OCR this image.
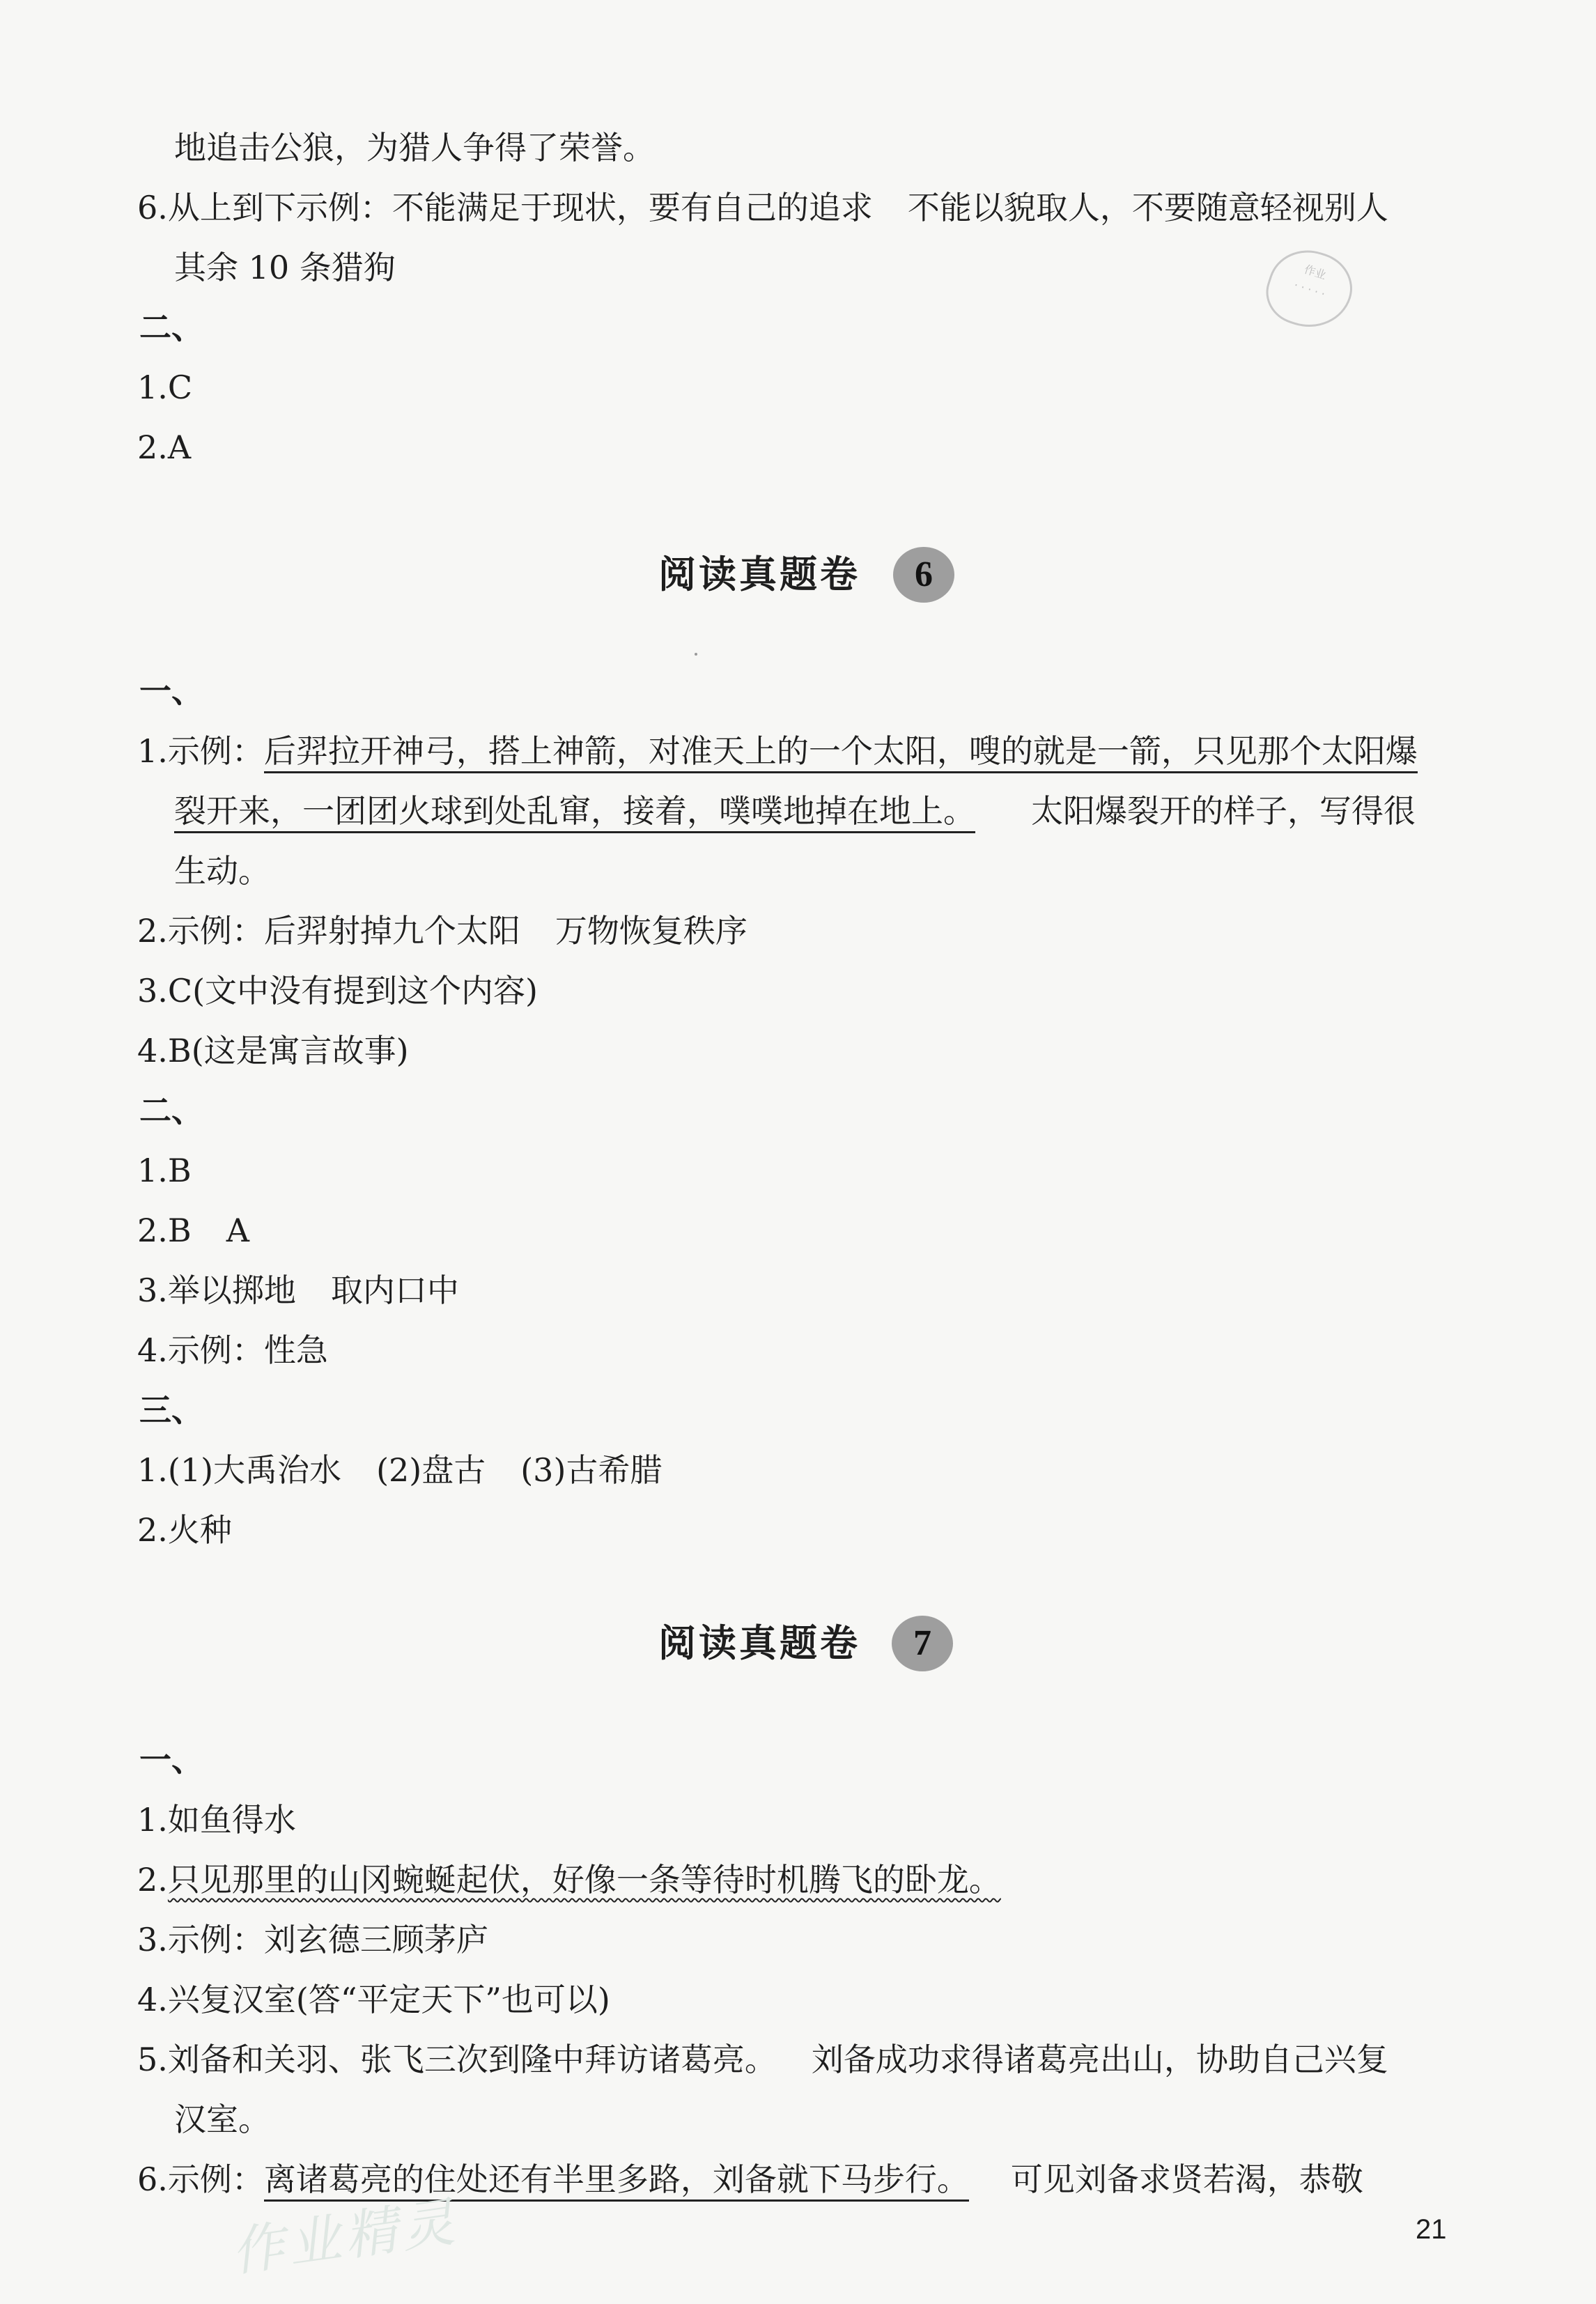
地追击公狼，为猎人争得了荣誉。
6.从上到下示例：不能满足于现状，要有自己的追求 不能以貌取人，不要随意轻视别人
其余 10 条猎狗
二、
1.C
2.A
作业
· · · · ·
阅读真题卷	6
一、
1.示例：后羿拉开神弓，搭上神箭，对准天上的一个太阳，嗖的就是一箭，只见那个太阳爆
裂开来，一团团火球到处乱窜，接着，噗噗地掉在地上。 太阳爆裂开的样子，写得很
生动。
2.示例：后羿射掉九个太阳 万物恢复秩序
3.C(文中没有提到这个内容)
4.B(这是寓言故事)
二、
1.B
2.B A
3.举以掷地 取内口中
4.示例：性急
三、
1.(1)大禹治水 (2)盘古 (3)古希腊
2.火种
阅读真题卷	7
一、
1.如鱼得水
2.只见那里的山冈蜿蜒起伏，好像一条等待时机腾飞的卧龙。
3.示例：刘玄德三顾茅庐
4.兴复汉室(答“平定天下”也可以)
5.刘备和关羽、张飞三次到隆中拜访诸葛亮。 刘备成功求得诸葛亮出山，协助自己兴复
汉室。
6.示例：离诸葛亮的住处还有半里多路，刘备就下马步行。 可见刘备求贤若渴，恭敬
作业精灵	21
